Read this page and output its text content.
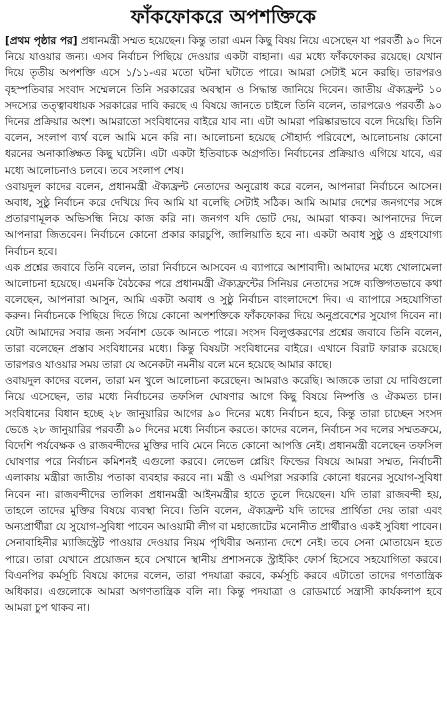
ফাঁকফোকরে অপশক্তিকে

[প্রথম পৃষ্ঠার পর] প্রধানমন্ত্রী সম্মত হয়েছেন। কিন্তু তারা এমন কিছু বিষয় নিয়ে এসেছেন যা পরবর্তী ৯০ দিনে নিয়ে যাওয়ার জন্য। এসব নির্বাচন পিছিয়ে দেওয়ার একটা বাহানা। এর মধ্যে ফাঁকফোকর রয়েছে। যেখান দিয়ে তৃতীয় অপশক্তি এসে ১/১১-এর মতো ঘটনা ঘটাতে পারে। আমরা সেটাই মনে করছি। তারপরও বৃহস্পতিবার সংবাদ সম্মেলনে তিনি সরকারের অবস্থান ও সিদ্ধান্ত জানিয়ে দিবেন। জাতীয় ঐক্যফ্রন্ট ১০ সদস্যের তত্ত্বাবধায়ক সরকারের দাবি করছে এ বিষয়ে জানতে চাইলে তিনি বলেন, তারপরেও পরবর্তী ৯০ দিনের প্রক্রিয়ার অংশ। আমরাতো সংবিধানের বাইরে যাব না। এটা আমরা পরিষ্কারভাবে বলে দিয়েছি। তিনি বলেন, সংলাপ ব্যর্থ বলে আমি মনে করি না। আলোচনা হয়েছে সৌহার্দ্য পরিবেশে, আলোচনায় কোনো ধরনের অনাকাঙ্ক্ষিত কিছু ঘটেনি। এটা একটা ইতিবাচক অগ্রগতি। নির্বাচনের প্রক্রিয়াও এগিয়ে যাবে, এর মধ্যে আলোচনাও চলবে। তবে সংলাপ শেষ।

ওবায়দুল কাদের বলেন, প্রধানমন্ত্রী ঐক্যফ্রন্ট নেতাদের অনুরোধ করে বলেন, আপনারা নির্বাচনে আসেন। অবাধ, সুষ্ঠু নির্বাচন করে দেখিয়ে দিব আমি যা বলেছি সেটাই সঠিক। আমি আমার দেশের জনগণের সঙ্গে প্রতারণামূলক অভিসন্ধি নিয়ে কাজ করি না। জনগণ যদি ভোট দেয়, আমরা থাকব। আপনাদের দিলে আপনারা জিতবেন। নির্বাচনে কোনো প্রকার কারচুপি, জালিয়াতি হবে না। একটা অবাধ সুষ্ঠু ও গ্রহণযোগ্য নির্বাচন হবে।

এক প্রশ্নের জবাবে তিনি বলেন, তারা নির্বাচনে আসবেন এ ব্যাপারে আশাবাদী। আমাদের মধ্যে খোলামেলা আলোচনা হয়েছে। এমনকি বৈঠকের পরে প্রধানমন্ত্রী ঐক্যফ্রন্টের সিনিয়র নেতাদের সঙ্গে ব্যক্তিগতভাবে কথা বলেছেন, আপনারা আসুন, আমি একটা অবাধ ও সুষ্ঠু নির্বাচন বাংলাদেশে দিব। এ ব্যাপারে সহযোগিতা করুন। নির্বাচনকে পিছিয়ে দিতে গিয়ে কোনো অপশক্তিকে ফাঁকফোকর দিয়ে অনুপ্রবেশের সুযোগ দিবেন না। যেটা আমাদের সবার জন্য সর্বনাশ ডেকে আনতে পারে। সংসদ বিলুপ্তকরণের প্রশ্নের জবাবে তিনি বলেন, তারা বলেছেন প্রস্তাব সংবিধানের মধ্যে। কিন্তু বিষয়টা সংবিধানের বাইরে। এখানে বিরাট ফারাক রয়েছে। তারপরও যাওয়ার সময় তারা যে অনেকটা নমনীয় বলে মনে হয়েছে আমার কাছে।

ওবায়দুল কাদের বলেন, তারা মন খুলে আলোচনা করেছেন। আমরাও করেছি। আজকে তারা যে দাবিগুলো নিয়ে এসেছেন, তার মধ্যে নির্বাচনের তফসিল ঘোষণার আগে কিছু বিষয়ে নিষ্পত্তি ও ঐকমত্য চান। সংবিধানের বিধান হচ্ছে ২৮ জানুয়ারির আগের ৯০ দিনের মধ্যে নির্বাচন হবে, কিন্তু তারা চাচ্ছেন সংসদ ভেঙে ২৮ জানুয়ারির পরবর্তী ৯০ দিনের মধ্যে নির্বাচন করতে। কাদের বলেন, নির্বাচন সব দলের সম্মতক্রমে, বিদেশি পর্যবেক্ষক ও রাজবন্দীদের মুক্তির দাবি মেনে নিতে কোনো আপত্তি নেই। প্রধানমন্ত্রী বলেছেন তফসিল ঘোষণার পরে নির্বাচন কমিশনই এগুলো করবে। লেভেল প্লেয়িং ফিল্ডের বিষয়ে আমরা সম্মত, নির্বাচনী এলাকায় মন্ত্রীরা জাতীয় পতাকা ব্যবহার করবে না। মন্ত্রী ও এমপিরা সরকারি কোনো ধরনের সুযোগ-সুবিধা নিবেন না। রাজবন্দীদের তালিকা প্রধানমন্ত্রী আইনমন্ত্রীর হাতে তুলে দিয়েছেন। যদি তারা রাজবন্দী হয়, তাহলে তাদের মুক্তির বিষয়ে ব্যবস্থা নিবে। তিনি বলেন, ঐক্যফ্রন্ট যদি তাদের প্রার্থিতা দেয় তারা এবং অন্যপ্রার্থীরা যে সুযোগ-সুবিধা পাবেন আওয়ামী লীগ বা মহাজোটের মনোনীত প্রার্থীরাও একই সুবিধা পাবেন।

সেনাবাহিনীর ম্যাজিস্ট্রেট পাওয়ার দেওয়ার নিয়ম পৃথিবীর অন্যান্য দেশে নেই। তবে সেনা মোতায়েন হতে পারে। তারা যেখানে প্রয়োজন হবে সেখানে স্থানীয় প্রশাসনকে স্ট্রাইকিং ফোর্স হিসেবে সহযোগিতা করবে। বিএনপির কর্মসূচি বিষয়ে কাদের বলেন, তারা পদযাত্রা করবে, কর্মসূচি করবে এটাতো তাদের গণতান্ত্রিক অধিকার। এগুলোকে আমরা অগণতান্ত্রিক বলি না। কিন্তু পদযাত্রা ও রোডমার্চে সন্ত্রাসী কার্যকলাপ হবে আমরা চুপ থাকব না।
